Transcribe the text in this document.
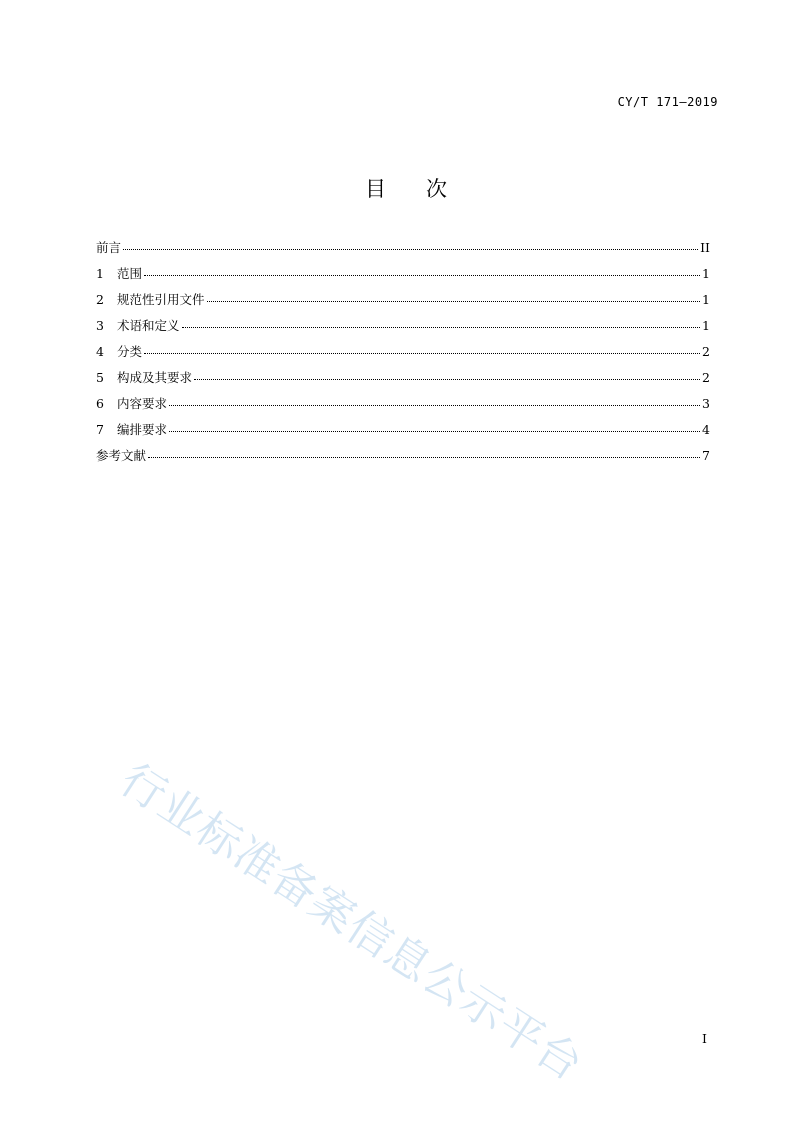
CY/T 171—2019
目 次
前言	II
1	范围	1
2	规范性引用文件	1
3	术语和定义	1
4	分类	2
5	构成及其要求	2
6	内容要求	3
7	编排要求	4
参考文献	7
行业标准备案信息公示平台	I
